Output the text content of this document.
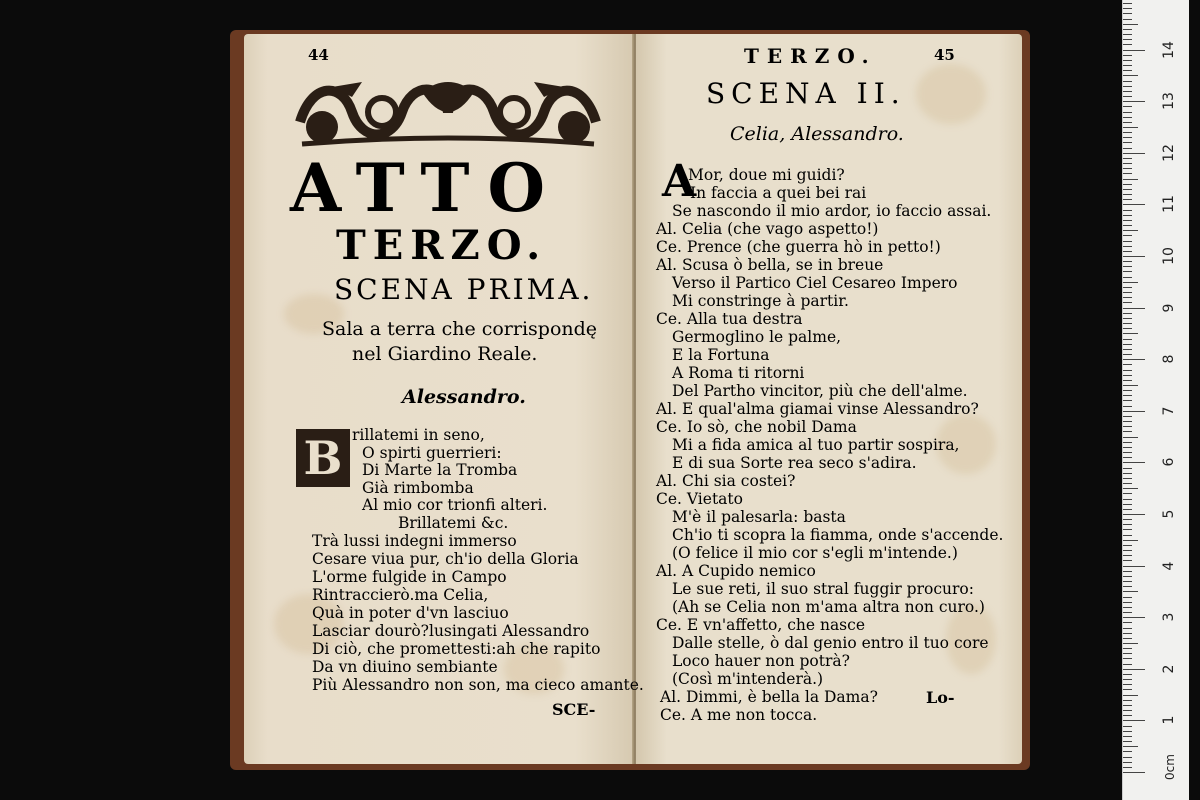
44
ATTO
TERZO.
SCENA PRIMA.
Sala a terra che corrispondę
nel Giardino Reale.
Alessandro.
B rillatemi in seno,
O spirti guerrieri:
Di Marte la Tromba
Già rimbomba
Al mio cor trionfi alteri.
Brillatemi &c.
Trà lussi indegni immerso
Cesare viua pur, ch'io della Gloria
L'orme fulgide in Campo
Rintraccierò.ma Celia,
Quà in poter d'vn lasciuo
Lasciar dourò?lusingati Alessandro
Di ciò, che promettesti:ah che rapito
Da vn diuino sembiante
Più Alessandro non son, ma cieco amante.
SCE-
TERZO.	45
SCENA II.
Celia, Alessandro.
A
Mor, doue mi guidi?
In faccia a quei bei rai
Se nascondo il mio ardor, io faccio assai.
Al. Celia (che vago aspetto!)
Ce. Prence (che guerra hò in petto!)
Al. Scusa ò bella, se in breue
Verso il Partico Ciel Cesareo Impero
Mi constringe à partir.
Ce. Alla tua destra
Germoglino le palme,
E la Fortuna
A Roma ti ritorni
Del Partho vincitor, più che dell'alme.
Al. E qual'alma giamai vinse Alessandro?
Ce. Io sò, che nobil Dama
Mi a fida amica al tuo partir sospira,
E di sua Sorte rea seco s'adira.
Al. Chi sia costei?
Ce. Vietato
M'è il palesarla: basta
Ch'io ti scopra la fiamma, onde s'accende.
(O felice il mio cor s'egli m'intende.)
Al. A Cupido nemico
Le sue reti, il suo stral fuggir procuro:
(Ah se Celia non m'ama altra non curo.)
Ce. E vn'affetto, che nasce
Dalle stelle, ò dal genio entro il tuo core
Loco hauer non potrà?
(Così m'intenderà.)
Al. Dimmi, è bella la Dama?
Ce. A me non tocca.
Lo-
1
2
3
4
5
6
7
8
9
10
11
12
13
14
0cm
